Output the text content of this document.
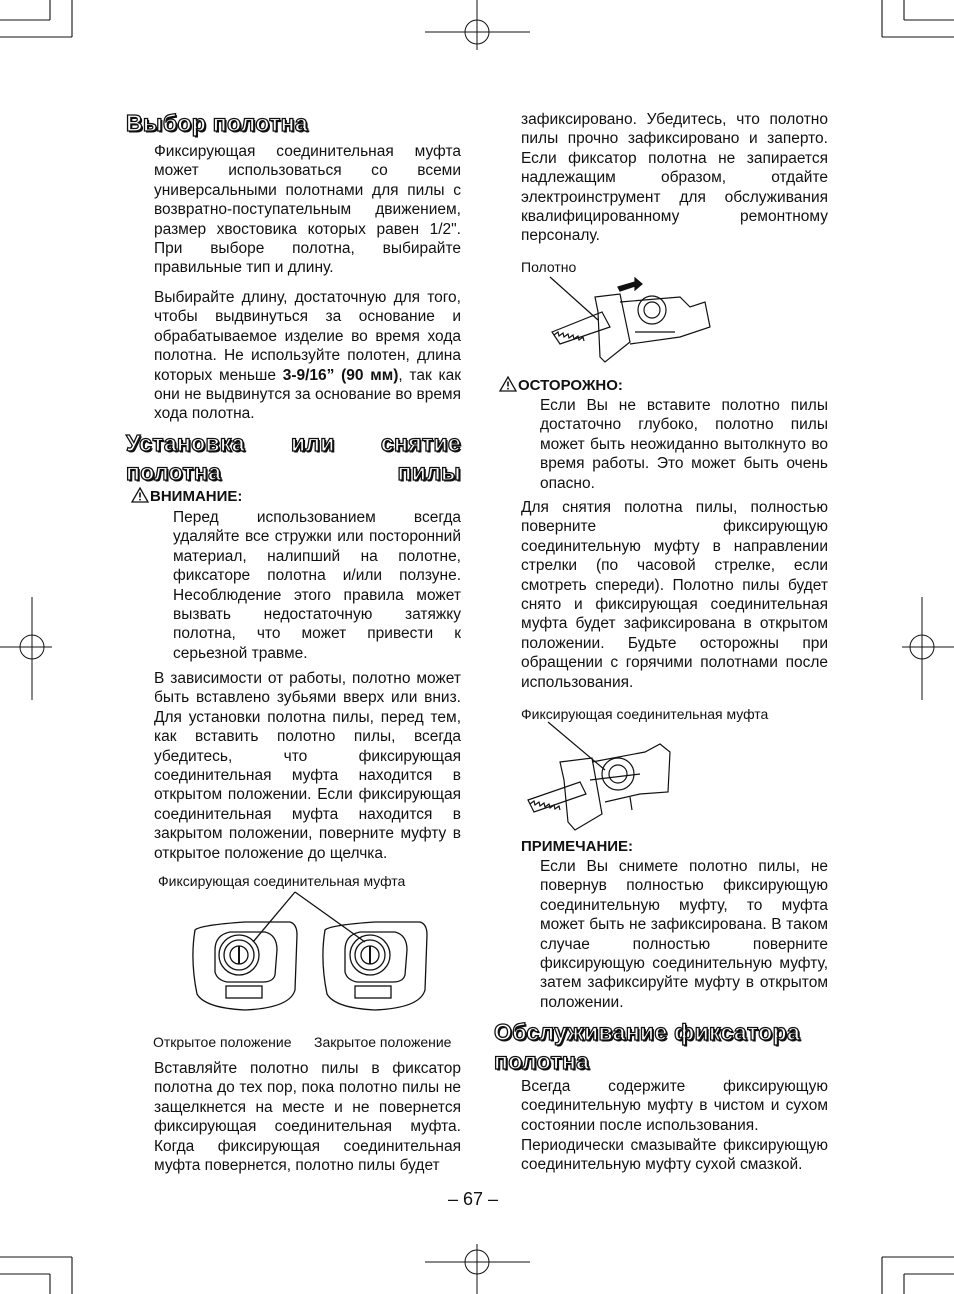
Выбор полотна

Фиксирующая соединительная муфта может использоваться со всеми универсальными полотнами для пилы с возвратно-поступательным движением, размер хвостовика которых равен 1/2". При выборе полотна, выбирайте правильные тип и длину.

Выбирайте длину, достаточную для того, чтобы выдвинуться за основание и обрабатываемое изделие во время хода полотна. Не используйте полотен, длина которых меньше 3-9/16” (90 мм), так как они не выдвинутся за основание во время хода полотна.

Установка или снятие полотна пилы
ВНИМАНИЕ:

Перед использованием всегда удаляйте все стружки или посторонний материал, налипший на полотне, фиксаторе полотна и/или ползуне. Несоблюдение этого правила может вызвать недостаточную затяжку полотна, что может привести к серьезной травме.

В зависимости от работы, полотно может быть вставлено зубьями вверх или вниз. Для установки полотна пилы, перед тем, как вставить полотно пилы, всегда убедитесь, что фиксирующая соединительная муфта находится в открытом положении. Если фиксирующая соединительная муфта находится в закрытом положении, поверните муфту в открытое положение до щелчка.

Фиксирующая соединительная муфта
Открытое положение Закрытое положение

Вставляйте полотно пилы в фиксатор полотна до тех пор, пока полотно пилы не защелкнется на месте и не повернется фиксирующая соединительная муфта. Когда фиксирующая соединительная муфта повернется, полотно пилы будет

зафиксировано. Убедитесь, что полотно пилы прочно зафиксировано и заперто. Если фиксатор полотна не запирается надлежащим образом, отдайте электроинструмент для обслуживания квалифицированному ремонтному персоналу.

Полотно
ОСТОРОЖНО:

Если Вы не вставите полотно пилы достаточно глубоко, полотно пилы может быть неожиданно вытолкнуто во время работы. Это может быть очень опасно.

Для снятия полотна пилы, полностью поверните фиксирующую соединительную муфту в направлении стрелки (по часовой стрелке, если смотреть спереди). Полотно пилы будет снято и фиксирующая соединительная муфта будет зафиксирована в открытом положении. Будьте осторожны при обращении с горячими полотнами после использования.

Фиксирующая соединительная муфта
ПРИМЕЧАНИЕ:

Если Вы снимете полотно пилы, не повернув полностью фиксирующую соединительную муфту, то муфта может быть не зафиксирована. В таком случае полностью поверните фиксирующую соединительную муфту, затем зафиксируйте муфту в открытом положении.

Обслуживание фиксатора полотна

Всегда содержите фиксирующую соединительную муфту в чистом и сухом состоянии после использования.

Периодически смазывайте фиксирующую соединительную муфту сухой смазкой.

– 67 –
